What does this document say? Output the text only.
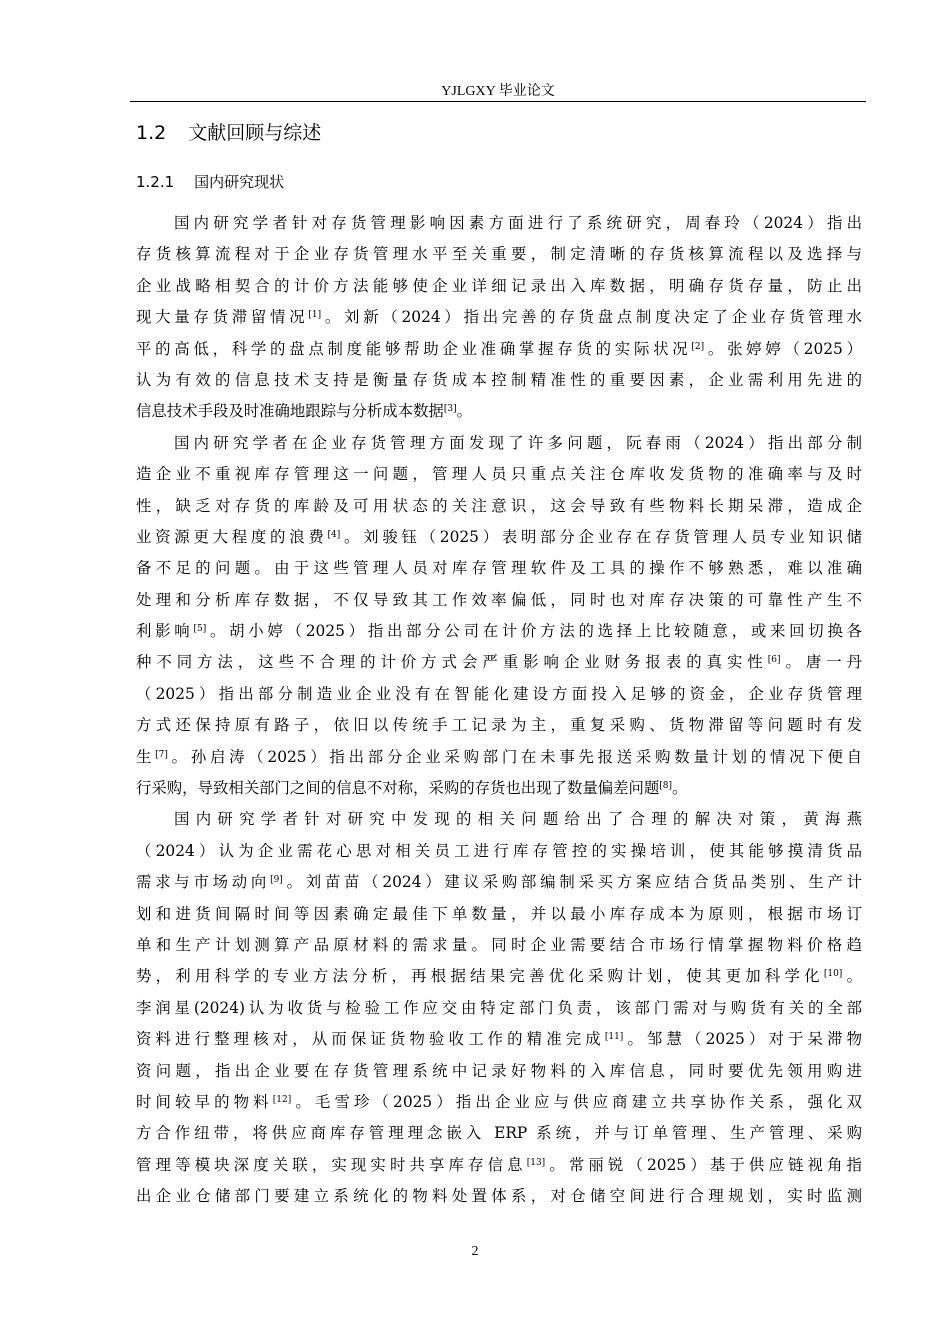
YJLGXY 毕业论文
1.2 文献回顾与综述
1.2.1 国内研究现状
国内研究学者针对存货管理影响因素方面进行了系统研究，周春玲（2024）指出
存货核算流程对于企业存货管理水平至关重要，制定清晰的存货核算流程以及选择与
企业战略相契合的计价方法能够使企业详细记录出入库数据，明确存货存量，防止出
现大量存货滞留情况[1]。刘新（2024）指出完善的存货盘点制度决定了企业存货管理水
平的高低，科学的盘点制度能够帮助企业准确掌握存货的实际状况[2]。张婷婷（2025）
认为有效的信息技术支持是衡量存货成本控制精准性的重要因素，企业需利用先进的
信息技术手段及时准确地跟踪与分析成本数据[3]。
国内研究学者在企业存货管理方面发现了许多问题，阮春雨（2024）指出部分制
造企业不重视库存管理这一问题，管理人员只重点关注仓库收发货物的准确率与及时
性，缺乏对存货的库龄及可用状态的关注意识，这会导致有些物料长期呆滞，造成企
业资源更大程度的浪费[4]。刘骏钰（2025）表明部分企业存在存货管理人员专业知识储
备不足的问题。由于这些管理人员对库存管理软件及工具的操作不够熟悉，难以准确
处理和分析库存数据，不仅导致其工作效率偏低，同时也对库存决策的可靠性产生不
利影响[5]。胡小婷（2025）指出部分公司在计价方法的选择上比较随意，或来回切换各
种不同方法，这些不合理的计价方式会严重影响企业财务报表的真实性[6]。唐一丹
（2025）指出部分制造业企业没有在智能化建设方面投入足够的资金，企业存货管理
方式还保持原有路子，依旧以传统手工记录为主，重复采购、货物滞留等问题时有发
生[7]。孙启涛（2025）指出部分企业采购部门在未事先报送采购数量计划的情况下便自
行采购，导致相关部门之间的信息不对称，采购的存货也出现了数量偏差问题[8]。
国内研究学者针对研究中发现的相关问题给出了合理的解决对策，黄海燕
（2024）认为企业需花心思对相关员工进行库存管控的实操培训，使其能够摸清货品
需求与市场动向[9]。刘苗苗（2024）建议采购部编制采买方案应结合货品类别、生产计
划和进货间隔时间等因素确定最佳下单数量，并以最小库存成本为原则，根据市场订
单和生产计划测算产品原材料的需求量。同时企业需要结合市场行情掌握物料价格趋
势，利用科学的专业方法分析，再根据结果完善优化采购计划，使其更加科学化[10]。
李润星(2024)认为收货与检验工作应交由特定部门负责，该部门需对与购货有关的全部
资料进行整理核对，从而保证货物验收工作的精准完成[11]。邹慧（2025）对于呆滞物
资问题，指出企业要在存货管理系统中记录好物料的入库信息，同时要优先领用购进
时间较早的物料[12]。毛雪珍（2025）指出企业应与供应商建立共享协作关系，强化双
方合作纽带，将供应商库存管理理念嵌入 ERP 系统，并与订单管理、生产管理、采购
管理等模块深度关联，实现实时共享库存信息[13]。常丽锐（2025）基于供应链视角指
出企业仓储部门要建立系统化的物料处置体系，对仓储空间进行合理规划，实时监测
2
